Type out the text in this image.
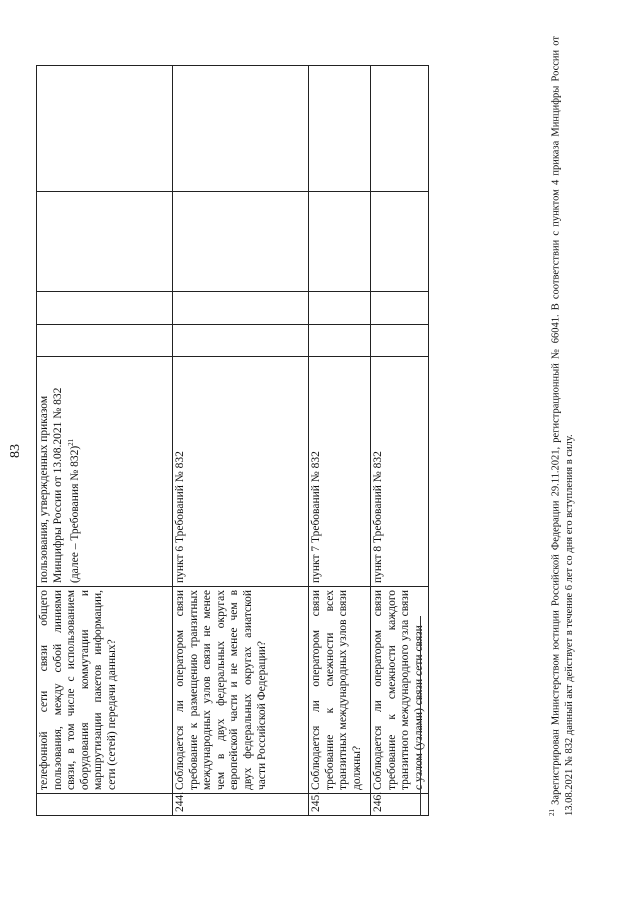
83
	телефонной сети связи общего пользования, между собой линиями связи, в том числе с использованием оборудования коммутации и маршрутизации пакетов информации, сети (сетей) передачи данных?	пользования, утвержденных приказом Минцифры России от 13.08.2021 № 832 (далее – Требования № 832)$^{21}$				
244.	Соблюдается ли оператором связи требование к размещению транзитных международных узлов связи не менее чем в двух федеральных округах европейской части и не менее чем в двух федеральных округах азиатской части Российской Федерации?	пункт 6 Требований № 832				
245.	Соблюдается ли оператором связи требование к смежности всех транзитных международных узлов связи должны?	пункт 7 Требований № 832				
246.	Соблюдается ли оператором связи требование к смежности каждого транзитного международного узла связи с узлом (узлами) связи сети связи	пункт 8 Требований № 832				
$^{21}$ Зарегистрирован Министерством юстиции Российской Федерации 29.11.2021, регистрационный № 66041. В соответствии с пунктом 4 приказа Минцифры России от 13.08.2021 № 832 данный акт действует в течение 6 лет со дня его вступления в силу.
